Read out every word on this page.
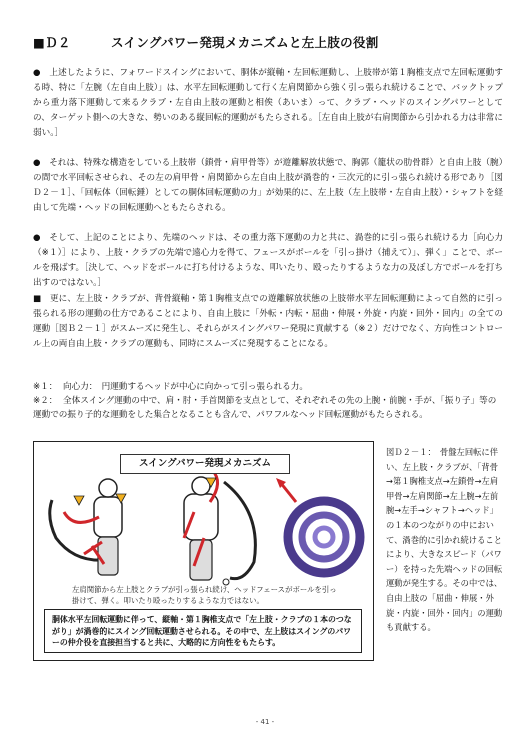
■Ｄ２	スイングパワー発現メカニズムと左上肢の役割

●　上述したように、フォワードスイングにおいて、胴体が縦軸・左回転運動し、上肢帯が第１胸椎支点で左回転運動する時、特に「左腕（左自由上肢）」は、水平左回転運動して行く左肩関節から強く引っ張られ続けることで、バックトップから重力落下運動して来るクラブ・左自由上肢の運動と相俟（あいま）って、クラブ・ヘッドのスイングパワーとしての、ターゲット側への大きな、勢いのある縦回転的運動がもたらされる。［左自由上肢が右肩関節から引かれる力は非常に弱い。］

●　それは、特殊な構造をしている上肢帯（鎖骨・肩甲骨等）が遊離解放状態で、胸郭（籠状の肋骨群）と自由上肢（腕）の間で水平回転させられ、その左の肩甲骨・肩関節から左自由上肢が渦巻的・三次元的に引っ張られ続ける形であり［図Ｄ２－１］、「回転体（回転錘）としての胴体回転運動の力」が効果的に、左上肢（左上肢帯・左自由上肢）・シャフトを経由して先端・ヘッドの回転運動へともたらされる。

●　そして、上記のことにより、先端のヘッドは、その重力落下運動の力と共に、渦巻的に引っ張られ続ける力［向心力（※１）］により、上肢・クラブの先端で遠心力を得て、フェースがボールを「引っ掛け（捕えて）」、弾く」ことで、ボールを飛ばす。［決して、ヘッドをボールに打ち付けるような、叩いたり、殴ったりするような力の及ぼし方でボールを打ち出すのではない。］

■　更に、左上肢・クラブが、背骨縦軸・第１胸椎支点での遊離解放状態の上肢帯水平左回転運動によって自然的に引っ張られる形の運動の仕方であることにより、自由上肢に「外転・内転・屈曲・伸展・外旋・内旋・回外・回内」の全ての運動［図Ｂ２－１］がスムーズに発生し、それらがスイングパワー発現に貢献する（※２）だけでなく、方向性コントロール上の両自由上肢・クラブの運動も、同時にスムーズに発現することになる。

※１： 向心力：　円運動するヘッドが中心に向かって引っ張られる力。

※２： 全体スイング運動の中で、肩・肘・手首関節を支点として、それぞれその先の上腕・前腕・手が、「振り子」等の運動での振り子的な運動をした集合となることも含んで、パワフルなヘッド回転運動がもたらされる。

スイングパワー発現メカニズム
左肩関節から左上肢とクラブが引っ張られ続け、ヘッドフェースがボールを引っ掛けて、弾く。叩いたり殴ったりするような力ではない。
胴体水平左回転運動に伴って、縦軸・第１胸椎支点で「左上肢・クラブの１本のつながり」が渦巻的にスイング回転運動させられる。その中で、左上肢はスイングのパワーの仲介役を直接担当すると共に、大略的に方向性をもたらす。

図Ｄ２－１：　骨盤左回転に伴い、左上肢・クラブが、「背骨→第１胸椎支点→左鎖骨→左肩甲骨→左肩関節→左上腕→左前腕→左手→シャフト→ヘッド」の１本のつながりの中において、渦巻的に引かれ続けることにより、大きなスピード（パワー）を持った先端ヘッドの回転運動が発生する。その中では、自由上肢の「屈曲・伸展・外旋・内旋・回外・回内」の運動も貢献する。

- 41 -
